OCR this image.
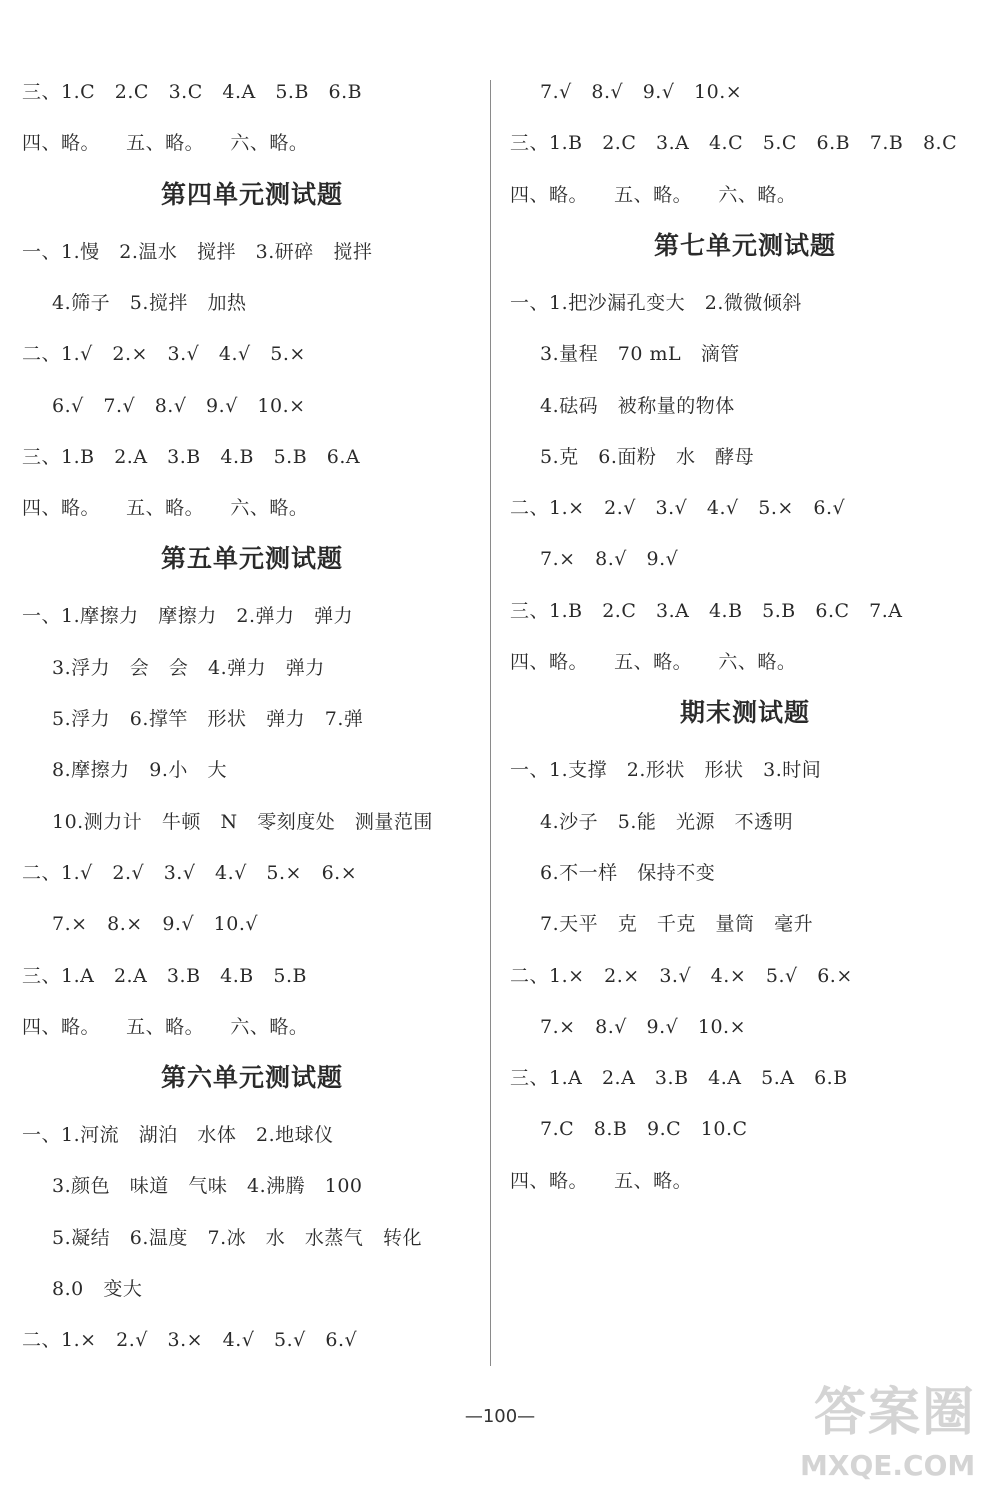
三、1.C   2.C   3.C   4.A   5.B   6.B
四、略。    五、略。    六、略。
第四单元测试题
一、1.慢   2.温水   搅拌   3.研碎   搅拌
4.筛子   5.搅拌   加热
二、1.√   2.×   3.√   4.√   5.×
6.√   7.√   8.√   9.√   10.×
三、1.B   2.A   3.B   4.B   5.B   6.A
四、略。    五、略。    六、略。
第五单元测试题
一、1.摩擦力   摩擦力   2.弹力   弹力
3.浮力   会   会   4.弹力   弹力
5.浮力   6.撑竿   形状   弹力   7.弹
8.摩擦力   9.小   大
10.测力计   牛顿   N   零刻度处   测量范围
二、1.√   2.√   3.√   4.√   5.×   6.×
7.×   8.×   9.√   10.√
三、1.A   2.A   3.B   4.B   5.B
四、略。    五、略。    六、略。
第六单元测试题
一、1.河流   湖泊   水体   2.地球仪
3.颜色   味道   气味   4.沸腾   100
5.凝结   6.温度   7.冰   水   水蒸气   转化
8.0   变大
二、1.×   2.√   3.×   4.√   5.√   6.√
7.√   8.√   9.√   10.×
三、1.B   2.C   3.A   4.C   5.C   6.B   7.B   8.C
四、略。    五、略。    六、略。
第七单元测试题
一、1.把沙漏孔变大   2.微微倾斜
3.量程   70 mL   滴管
4.砝码   被称量的物体
5.克   6.面粉   水   酵母
二、1.×   2.√   3.√   4.√   5.×   6.√
7.×   8.√   9.√
三、1.B   2.C   3.A   4.B   5.B   6.C   7.A
四、略。    五、略。    六、略。
期末测试题
一、1.支撑   2.形状   形状   3.时间
4.沙子   5.能   光源   不透明
6.不一样   保持不变
7.天平   克   千克   量筒   毫升
二、1.×   2.×   3.√   4.×   5.√   6.×
7.×   8.√   9.√   10.×
三、1.A   2.A   3.B   4.A   5.A   6.B
7.C   8.B   9.C   10.C
四、略。    五、略。
—100—	答案圈
MXQE.COM
